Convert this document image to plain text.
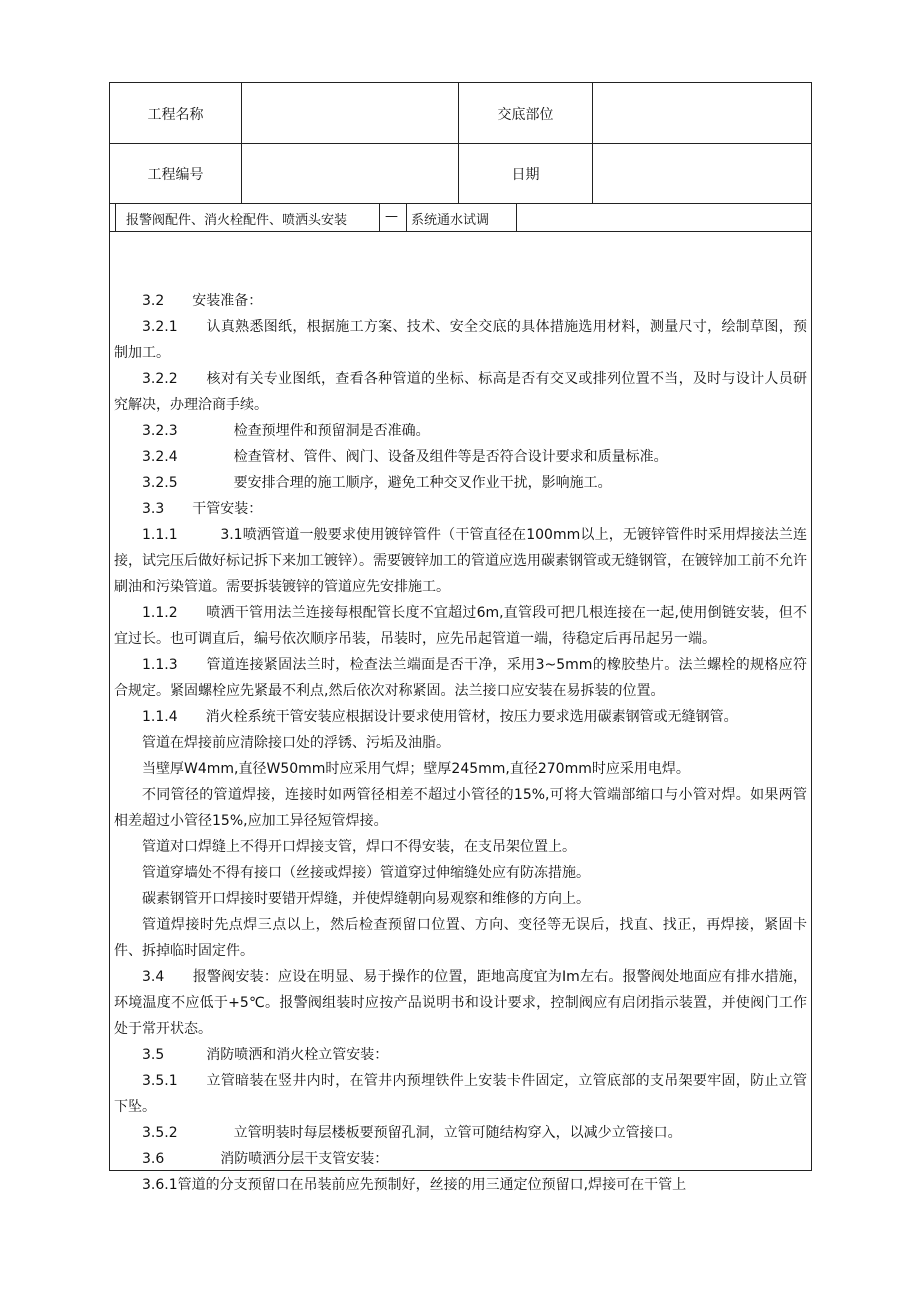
工程名称	交底部位
工程编号	日期
报警阀配件、消火栓配件、喷洒头安装	— 系统通水试调

3.2　　安装准备：

3.2.1　　认真熟悉图纸，根据施工方案、技术、安全交底的具体措施选用材料，测量尺寸，绘制草图，预制加工。

3.2.2　　核对有关专业图纸，查看各种管道的坐标、标高是否有交叉或排列位置不当，及时与设计人员研究解决，办理洽商手续。

3.2.3　　　　检查预埋件和预留洞是否准确。

3.2.4　　　　检查管材、管件、阀门、设备及组件等是否符合设计要求和质量标准。

3.2.5　　　　要安排合理的施工顺序，避免工种交叉作业干扰，影响施工。

3.3　　干管安装：

1.1.1　　　3.1喷洒管道一般要求使用镀锌管件（干管直径在100mm以上，无镀锌管件时采用焊接法兰连接，试完压后做好标记拆下来加工镀锌）。需要镀锌加工的管道应选用碳素钢管或无缝钢管，在镀锌加工前不允许刷油和污染管道。需要拆装镀锌的管道应先安排施工。

1.1.2　　喷洒干管用法兰连接每根配管长度不宜超过6m,直管段可把几根连接在一起,使用倒链安装，但不宜过长。也可调直后，编号依次顺序吊装，吊装时，应先吊起管道一端，待稳定后再吊起另一端。

1.1.3　　管道连接紧固法兰时，检查法兰端面是否干净，采用3~5mm的橡胶垫片。法兰螺栓的规格应符合规定。紧固螺栓应先紧最不利点,然后依次对称紧固。法兰接口应安装在易拆装的位置。

1.1.4　　消火栓系统干管安装应根据设计要求使用管材，按压力要求选用碳素钢管或无缝钢管。

管道在焊接前应清除接口处的浮锈、污垢及油脂。

当壁厚W4mm,直径W50mm时应采用气焊；壁厚245mm,直径270mm时应采用电焊。

不同管径的管道焊接，连接时如两管径相差不超过小管径的15%,可将大管端部缩口与小管对焊。如果两管相差超过小管径15%,应加工异径短管焊接。

管道对口焊缝上不得开口焊接支管，焊口不得安装，在支吊架位置上。

管道穿墙处不得有接口（丝接或焊接）管道穿过伸缩缝处应有防冻措施。

碳素钢管开口焊接时要错开焊缝，并使焊缝朝向易观察和维修的方向上。

管道焊接时先点焊三点以上，然后检查预留口位置、方向、变径等无误后，找直、找正，再焊接，紧固卡件、拆掉临时固定件。

3.4　　报警阀安装：应设在明显、易于操作的位置，距地高度宜为Im左右。报警阀处地面应有排水措施，环境温度不应低于+5℃。报警阀组装时应按产品说明书和设计要求，控制阀应有启闭指示装置，并使阀门工作处于常开状态。

3.5　　　消防喷洒和消火栓立管安装：

3.5.1　　立管暗装在竖井内时，在管井内预埋铁件上安装卡件固定，立管底部的支吊架要牢固，防止立管下坠。

3.5.2　　　　立管明装时每层楼板要预留孔洞，立管可随结构穿入，以减少立管接口。

3.6　　　　消防喷洒分层干支管安装：

3.6.1管道的分支预留口在吊装前应先预制好，丝接的用三通定位预留口,焊接可在干管上
